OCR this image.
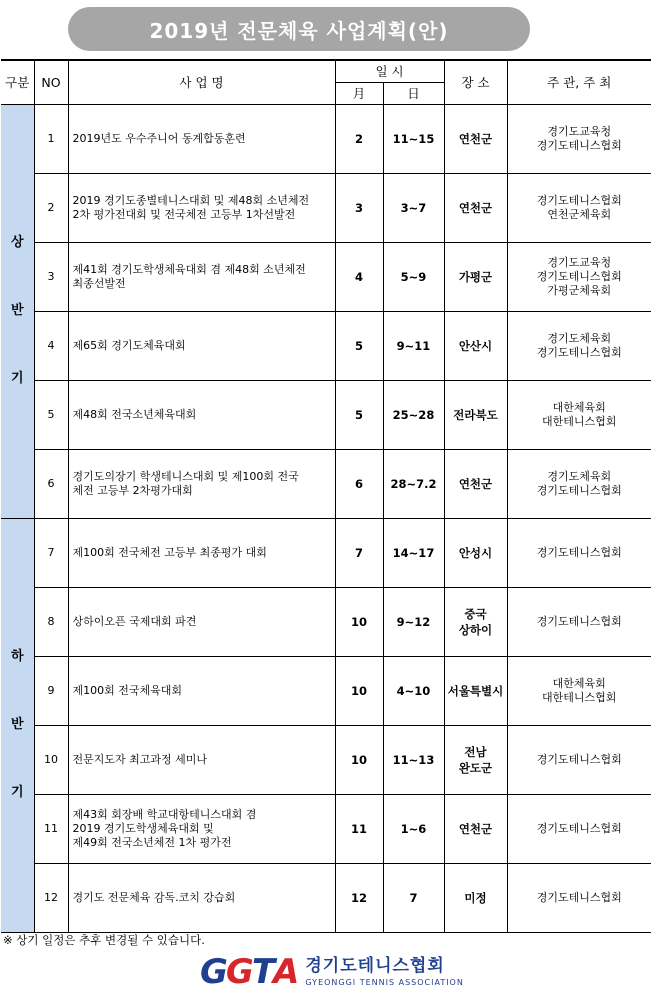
2019년 전문체육 사업계획(안)
구분	NO	사 업 명	일 시		장 소	주 관, 주 최
			月	日		

상
반
기	1	2019년도 우수주니어 동계합동훈련	2	11~15	연천군	경기도교육청
경기도테니스협회

	2	2019 경기도종별테니스대회 및 제48회 소년체전
2차 평가전대회 및 전국체전 고등부 1차선발전	3	3~7	연천군	경기도테니스협회
연천군체육회

	3	제41회 경기도학생체육대회 겸 제48회 소년체전
최종선발전	4	5~9	가평군	경기도교육청
경기도테니스협회
가평군체육회

	4	제65회 경기도체육대회	5	9~11	안산시	경기도체육회
경기도테니스협회

	5	제48회 전국소년체육대회	5	25~28	전라북도	대한체육회
대한테니스협회

	6	경기도의장기 학생테니스대회 및 제100회 전국
체전 고등부 2차평가대회	6	28~7.2	연천군	경기도체육회
경기도테니스협회

하
반
기	7	제100회 전국체전 고등부 최종평가 대회	7	14~17	안성시	경기도테니스협회

	8	상하이오픈 국제대회 파견	10	9~12	중국
상하이	경기도테니스협회

	9	제100회 전국체육대회	10	4~10	서울특별시	대한체육회
대한테니스협회

	10	전문지도자 최고과정 세미나	10	11~13	전남
완도군	경기도테니스협회

	11	제43회 회장배 학교대항테니스대회 겸
2019 경기도학생체육대회 및
제49회 전국소년체전 1차 평가전	11	1~6	연천군	경기도테니스협회

	12	경기도 전문체육 감독.코치 강습회	12	7	미정	경기도테니스협회
※ 상기 일정은 추후 변경될 수 있습니다.
G G T A 경기도테니스협회
GYEONGGI TENNIS ASSOCIATION
